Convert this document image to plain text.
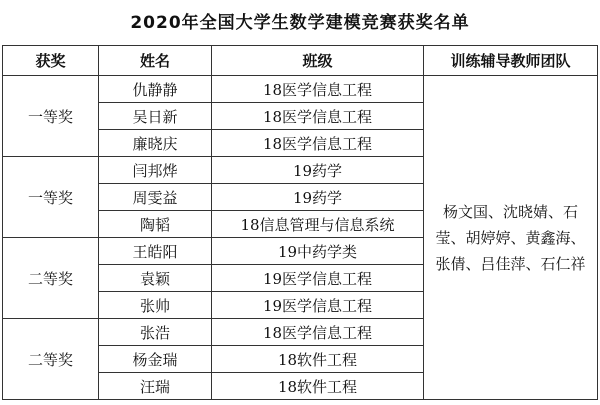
2020年全国大学生数学建模竞赛获奖名单
获奖	姓名	班级	训练辅导教师团队
一等奖	仇静静	18医学信息工程	杨文国、沈晓婧、石莹、胡婷婷、黄鑫海、张倩、吕佳萍、石仁祥

	吴日新	18医学信息工程	
	廉晓庆	18医学信息工程	
一等奖	闫邦烨	19药学	
	周雯益	19药学	
	陶韬	18信息管理与信息系统	
二等奖	王皓阳	19中药学类	
	袁颖	19医学信息工程	
	张帅	19医学信息工程	
二等奖	张浩	18医学信息工程	
	杨金瑞	18软件工程	
	汪瑞	18软件工程	
